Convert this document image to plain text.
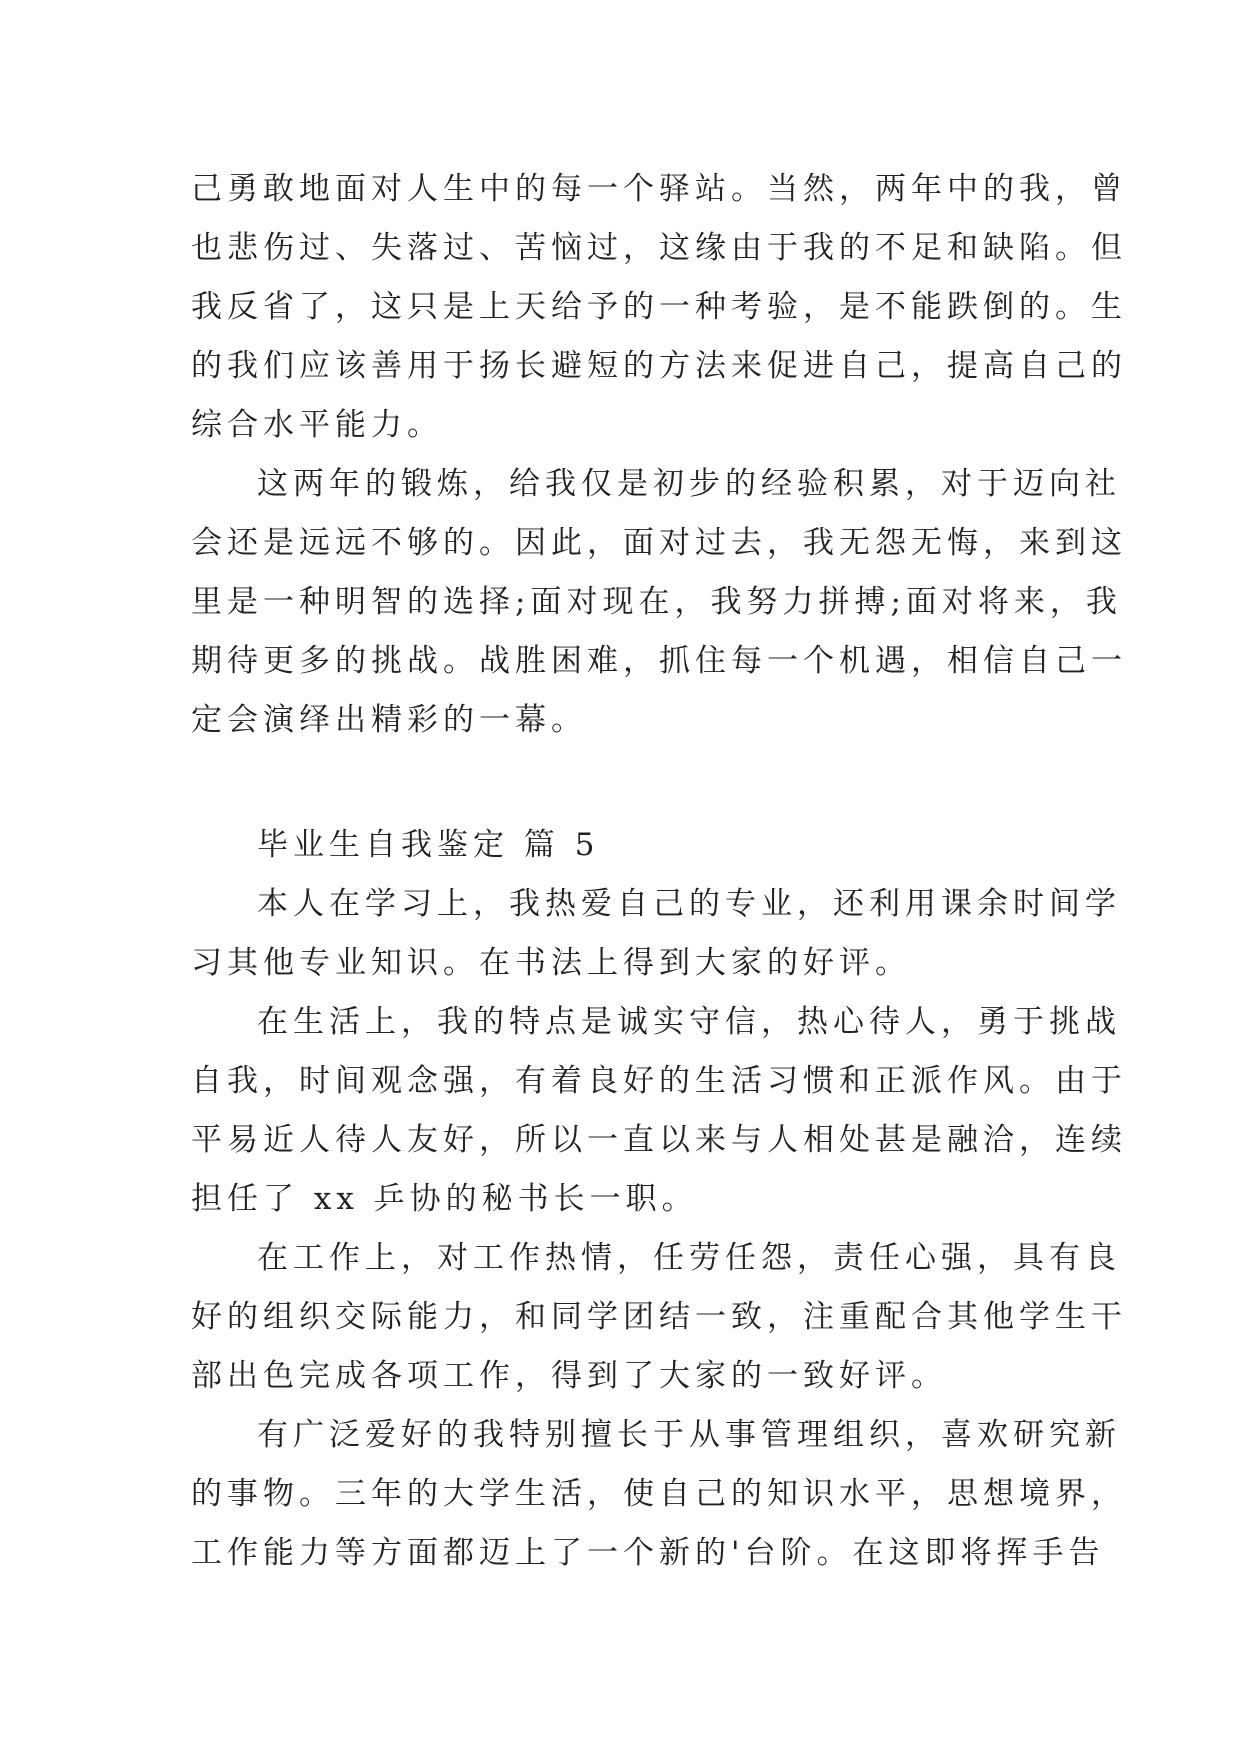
己勇敢地面对人生中的每一个驿站。当然，两年中的我，曾
也悲伤过、失落过、苦恼过，这缘由于我的不足和缺陷。但
我反省了，这只是上天给予的一种考验，是不能跌倒的。生
的我们应该善用于扬长避短的方法来促进自己，提高自己的
综合水平能力。
这两年的锻炼，给我仅是初步的经验积累，对于迈向社
会还是远远不够的。因此，面对过去，我无怨无悔，来到这
里是一种明智的选择;面对现在，我努力拼搏;面对将来，我
期待更多的挑战。战胜困难，抓住每一个机遇，相信自己一
定会演绎出精彩的一幕。
毕业生自我鉴定 篇 5
本人在学习上，我热爱自己的专业，还利用课余时间学
习其他专业知识。在书法上得到大家的好评。
在生活上，我的特点是诚实守信，热心待人，勇于挑战
自我，时间观念强，有着良好的生活习惯和正派作风。由于
平易近人待人友好，所以一直以来与人相处甚是融洽，连续
担任了 xx 乒协的秘书长一职。
在工作上，对工作热情，任劳任怨，责任心强，具有良
好的组织交际能力，和同学团结一致，注重配合其他学生干
部出色完成各项工作，得到了大家的一致好评。
有广泛爱好的我特别擅长于从事管理组织，喜欢研究新
的事物。三年的大学生活，使自己的知识水平，思想境界，
工作能力等方面都迈上了一个新的'台阶。在这即将挥手告
